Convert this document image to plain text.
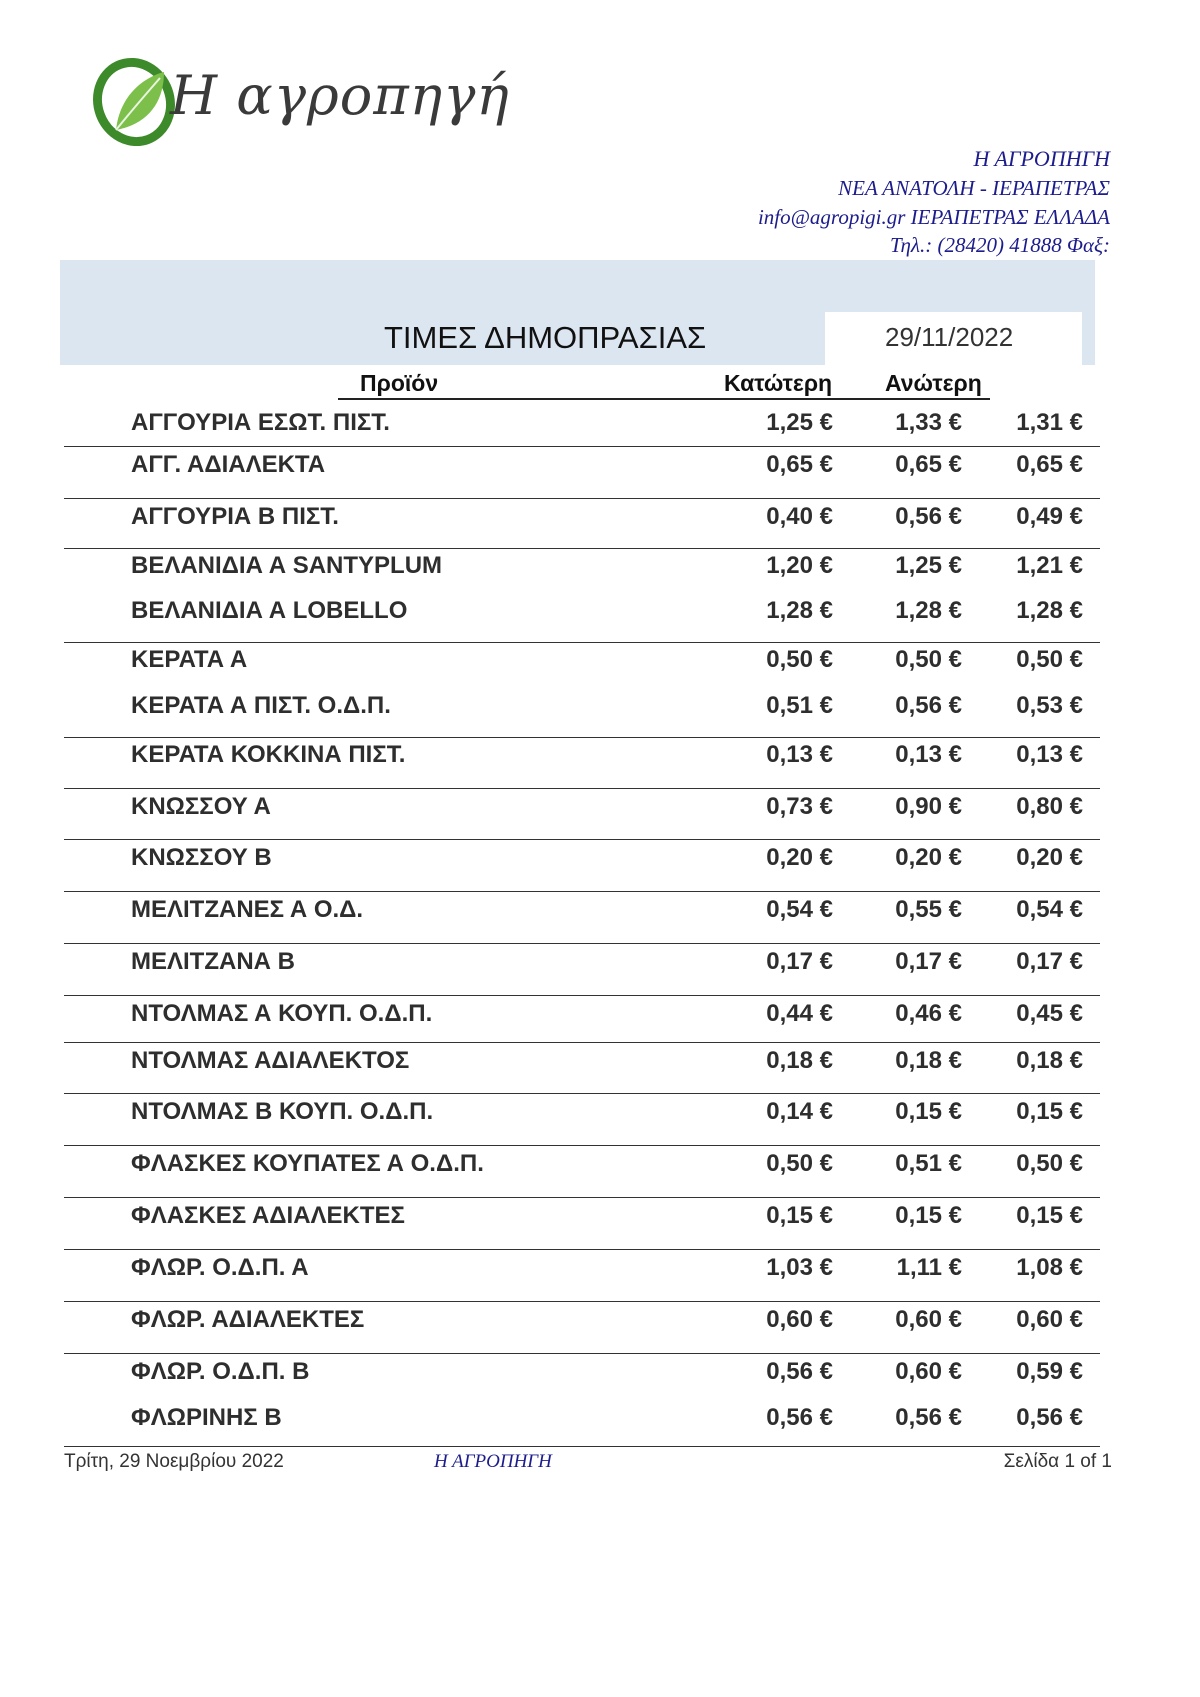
Η αγροπηγή
Η ΑΓΡΟΠΗΓΗ
ΝΕΑ ΑΝΑΤΟΛΗ - ΙΕΡΑΠΕΤΡΑΣ
info@agropigi.gr ΙΕΡΑΠΕΤΡΑΣ ΕΛΛΑΔΑ
Τηλ.: (28420) 41888 Φαξ:
ΤΙΜΕΣ ΔΗΜΟΠΡΑΣΙΑΣ	29/11/2022
Προϊόν	Κατώτερη Ανώτερη
ΑΓΓΟΥΡΙΑ ΕΣΩΤ. ΠΙΣΤ.	1,25 €	1,33 € 1,31 €
ΑΓΓ. ΑΔΙΑΛΕΚΤΑ	0,65 €	0,65 € 0,65 €
ΑΓΓΟΥΡΙΑ Β ΠΙΣΤ.	0,40 €	0,56 € 0,49 €
ΒΕΛΑΝΙΔΙΑ Α SANTYPLUM	1,20 €	1,25 € 1,21 €
ΒΕΛΑΝΙΔΙΑ Α LOBELLO	1,28 €	1,28 € 1,28 €
ΚΕΡΑΤΑ Α	0,50 €	0,50 € 0,50 €
ΚΕΡΑΤΑ Α ΠΙΣΤ. Ο.Δ.Π.	0,51 €	0,56 € 0,53 €
ΚΕΡΑΤΑ ΚΟΚΚΙΝΑ ΠΙΣΤ.	0,13 €	0,13 € 0,13 €
ΚΝΩΣΣΟΥ Α	0,73 €	0,90 € 0,80 €
ΚΝΩΣΣΟΥ Β	0,20 €	0,20 € 0,20 €
ΜΕΛΙΤΖΑΝΕΣ Α Ο.Δ.	0,54 €	0,55 € 0,54 €
ΜΕΛΙΤΖΑΝΑ Β	0,17 €	0,17 € 0,17 €
ΝΤΟΛΜΑΣ Α ΚΟΥΠ. Ο.Δ.Π.	0,44 €	0,46 € 0,45 €
ΝΤΟΛΜΑΣ ΑΔΙΑΛΕΚΤΟΣ	0,18 €	0,18 € 0,18 €
ΝΤΟΛΜΑΣ Β ΚΟΥΠ. Ο.Δ.Π.	0,14 €	0,15 € 0,15 €
ΦΛΑΣΚΕΣ ΚΟΥΠΑΤΕΣ Α Ο.Δ.Π.	0,50 €	0,51 € 0,50 €
ΦΛΑΣΚΕΣ ΑΔΙΑΛΕΚΤΕΣ	0,15 €	0,15 € 0,15 €
ΦΛΩΡ. Ο.Δ.Π. Α	1,03 €	1,11 € 1,08 €
ΦΛΩΡ. ΑΔΙΑΛΕΚΤΕΣ	0,60 €	0,60 € 0,60 €
ΦΛΩΡ. Ο.Δ.Π. Β	0,56 €	0,60 € 0,59 €
ΦΛΩΡΙΝΗΣ Β	0,56 €	0,56 € 0,56 €
Τρίτη, 29 Νοεμβρίου 2022	Η ΑΓΡΟΠΗΓΗ	Σελίδα 1 of 1
